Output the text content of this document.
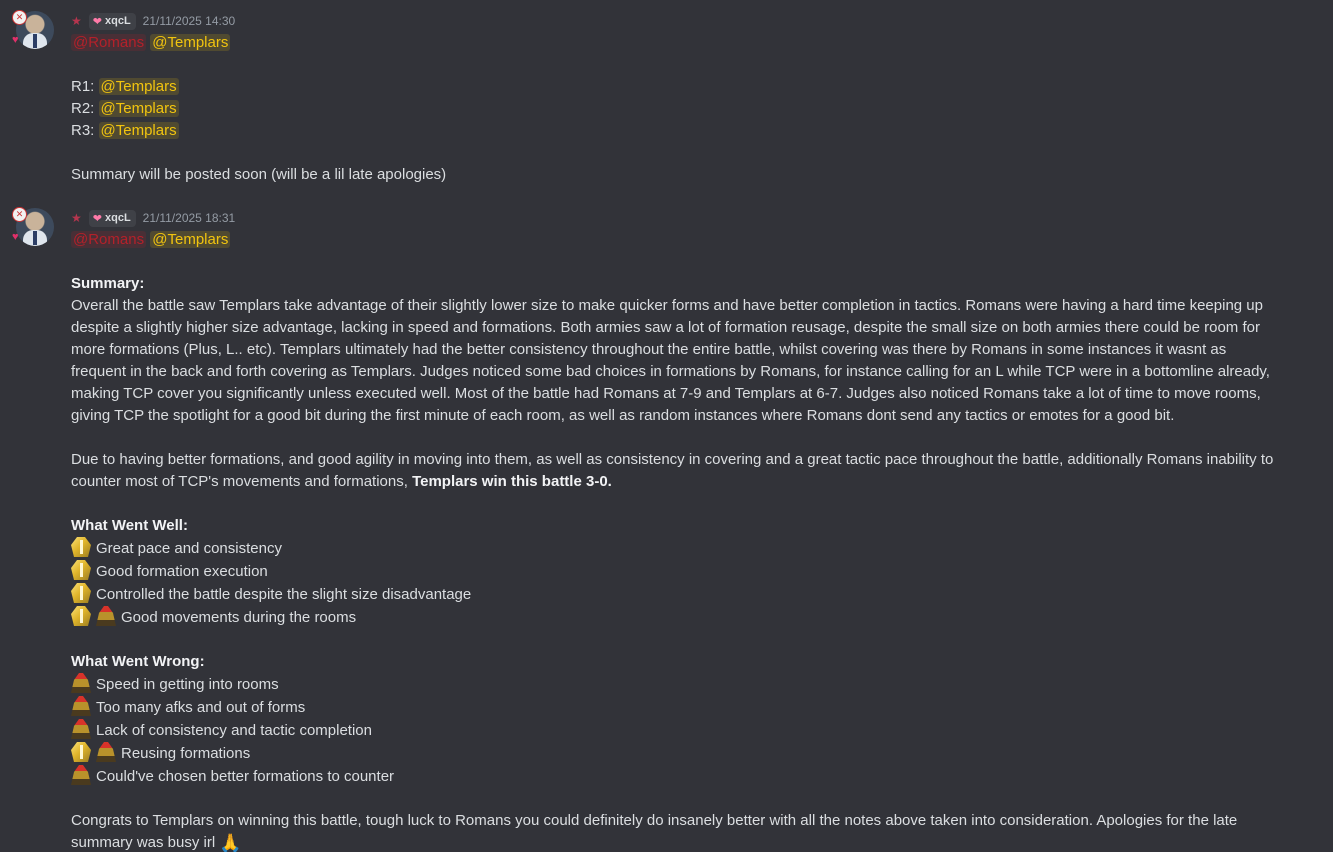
✕
♥
★ ❤ xqcL 21/11/2025 14:30
@Romans @Templars
R1: @Templars
R2: @Templars
R3: @Templars
Summary will be posted soon (will be a lil late apologies)
✕
♥
★ ❤ xqcL 21/11/2025 18:31
@Romans @Templars
Summary:
Overall the battle saw Templars take advantage of their slightly lower size to make quicker forms and have better completion in tactics. Romans were having a hard time keeping up
despite a slightly higher size advantage, lacking in speed and formations. Both armies saw a lot of formation reusage, despite the small size on both armies there could be room for
more formations (Plus, L.. etc). Templars ultimately had the better consistency throughout the entire battle, whilst covering was there by Romans in some instances it wasnt as
frequent in the back and forth covering as Templars. Judges noticed some bad choices in formations by Romans, for instance calling for an L while TCP were in a bottomline already,
making TCP cover you significantly unless executed well. Most of the battle had Romans at 7-9 and Templars at 6-7. Judges also noticed Romans take a lot of time to move rooms,
giving TCP the spotlight for a good bit during the first minute of each room, as well as random instances where Romans dont send any tactics or emotes for a good bit.
Due to having better formations, and good agility in moving into them, as well as consistency in covering and a great tactic pace throughout the battle, additionally Romans inability to
counter most of TCP's movements and formations, Templars win this battle 3-0.
What Went Well:
Great pace and consistency
Good formation execution
Controlled the battle despite the slight size disadvantage
Good movements during the rooms
What Went Wrong:
Speed in getting into rooms
Too many afks and out of forms
Lack of consistency and tactic completion
Reusing formations
Could've chosen better formations to counter
Congrats to Templars on winning this battle, tough luck to Romans you could definitely do insanely better with all the notes above taken into consideration. Apologies for the late
summary was busy irl 🙏
